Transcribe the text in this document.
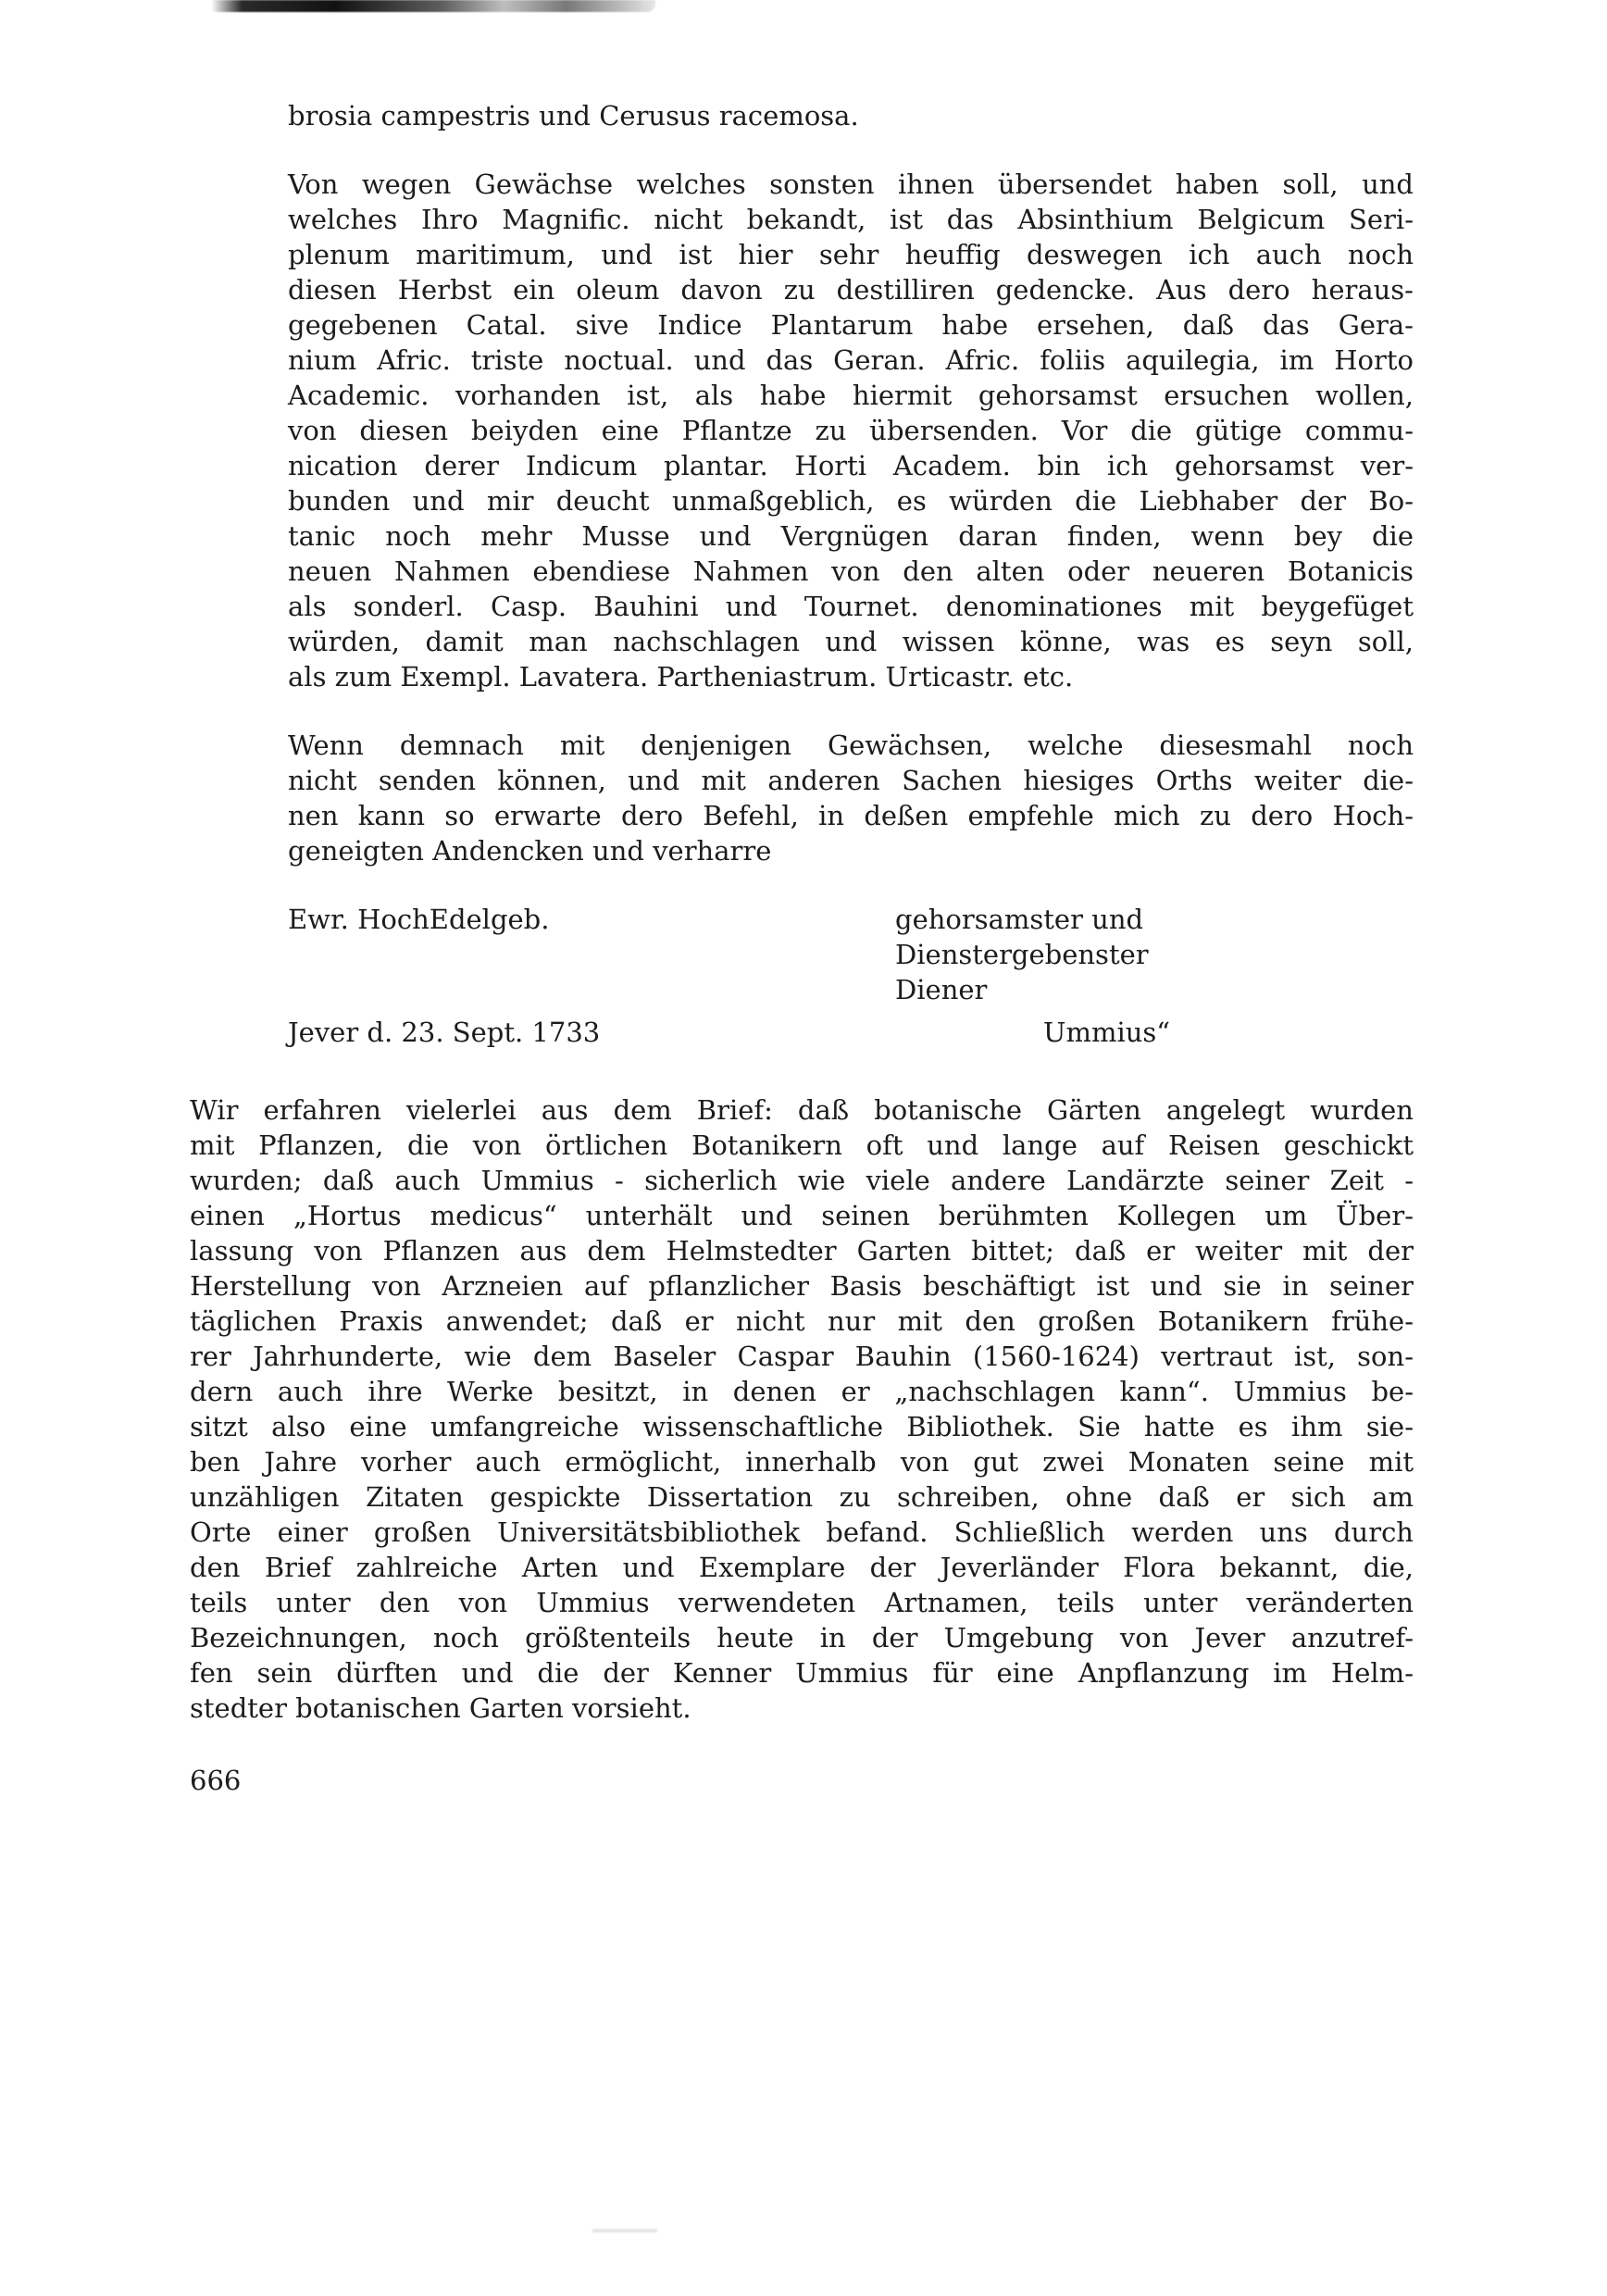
brosia campestris und Cerusus racemosa.
Von wegen Gewächse welches sonsten ihnen übersendet haben soll, und
welches Ihro Magnific. nicht bekandt, ist das Absinthium Belgicum Seri-
plenum maritimum, und ist hier sehr heuffig deswegen ich auch noch
diesen Herbst ein oleum davon zu destilliren gedencke. Aus dero heraus-
gegebenen Catal. sive Indice Plantarum habe ersehen, daß das Gera-
nium Afric. triste noctual. und das Geran. Afric. foliis aquilegia, im Horto
Academic. vorhanden ist, als habe hiermit gehorsamst ersuchen wollen,
von diesen beiyden eine Pflantze zu übersenden. Vor die gütige commu-
nication derer Indicum plantar. Horti Academ. bin ich gehorsamst ver-
bunden und mir deucht unmaßgeblich, es würden die Liebhaber der Bo-
tanic noch mehr Musse und Vergnügen daran finden, wenn bey die
neuen Nahmen ebendiese Nahmen von den alten oder neueren Botanicis
als sonderl. Casp. Bauhini und Tournet. denominationes mit beygefüget
würden, damit man nachschlagen und wissen könne, was es seyn soll,
als zum Exempl. Lavatera. Partheniastrum. Urticastr. etc.
Wenn demnach mit denjenigen Gewächsen, welche diesesmahl noch
nicht senden können, und mit anderen Sachen hiesiges Orths weiter die-
nen kann so erwarte dero Befehl, in deßen empfehle mich zu dero Hoch-
geneigten Andencken und verharre
Ewr. HochEdelgeb.	gehorsamster und
Dienstergebenster
Diener
Jever d. 23. Sept. 1733	Ummius“
Wir erfahren vielerlei aus dem Brief: daß botanische Gärten angelegt wurden
mit Pflanzen, die von örtlichen Botanikern oft und lange auf Reisen geschickt
wurden; daß auch Ummius - sicherlich wie viele andere Landärzte seiner Zeit -
einen „Hortus medicus“ unterhält und seinen berühmten Kollegen um Über-
lassung von Pflanzen aus dem Helmstedter Garten bittet; daß er weiter mit der
Herstellung von Arzneien auf pflanzlicher Basis beschäftigt ist und sie in seiner
täglichen Praxis anwendet; daß er nicht nur mit den großen Botanikern frühe-
rer Jahrhunderte, wie dem Baseler Caspar Bauhin (1560-1624) vertraut ist, son-
dern auch ihre Werke besitzt, in denen er „nachschlagen kann“. Ummius be-
sitzt also eine umfangreiche wissenschaftliche Bibliothek. Sie hatte es ihm sie-
ben Jahre vorher auch ermöglicht, innerhalb von gut zwei Monaten seine mit
unzähligen Zitaten gespickte Dissertation zu schreiben, ohne daß er sich am
Orte einer großen Universitätsbibliothek befand. Schließlich werden uns durch
den Brief zahlreiche Arten und Exemplare der Jeverländer Flora bekannt, die,
teils unter den von Ummius verwendeten Artnamen, teils unter veränderten
Bezeichnungen, noch größtenteils heute in der Umgebung von Jever anzutref-
fen sein dürften und die der Kenner Ummius für eine Anpflanzung im Helm-
stedter botanischen Garten vorsieht.
666
